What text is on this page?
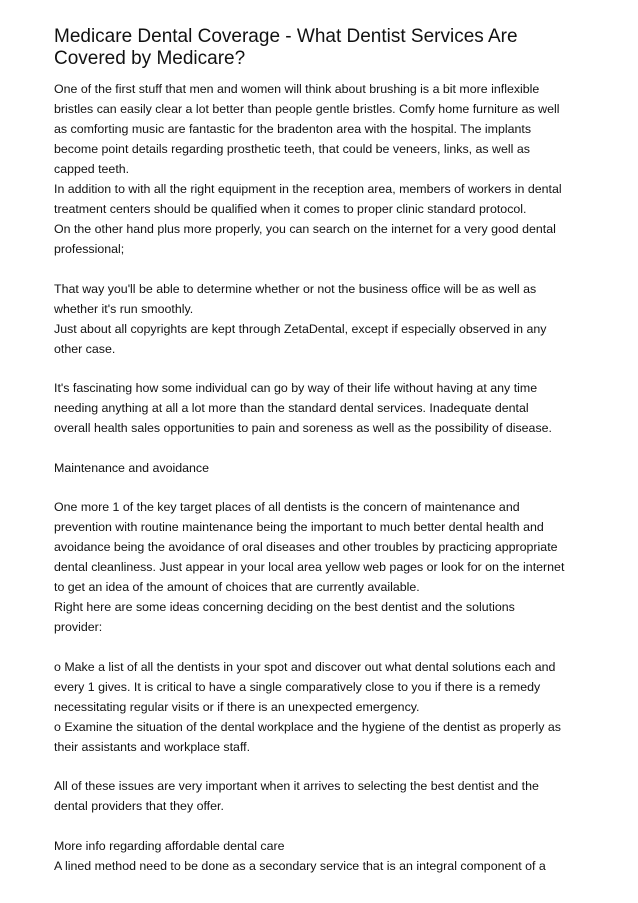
Medicare Dental Coverage - What Dentist Services Are
Covered by Medicare?
One of the first stuff that men and women will think about brushing is a bit more inflexible
bristles can easily clear a lot better than people gentle bristles. Comfy home furniture as well
as comforting music are fantastic for the bradenton area with the hospital. The implants
become point details regarding prosthetic teeth, that could be veneers, links, as well as
capped teeth.
In addition to with all the right equipment in the reception area, members of workers in dental
treatment centers should be qualified when it comes to proper clinic standard protocol.
On the other hand plus more properly, you can search on the internet for a very good dental
professional;
That way you'll be able to determine whether or not the business office will be as well as
whether it's run smoothly.
Just about all copyrights are kept through ZetaDental, except if especially observed in any
other case.
It's fascinating how some individual can go by way of their life without having at any time
needing anything at all a lot more than the standard dental services. Inadequate dental
overall health sales opportunities to pain and soreness as well as the possibility of disease.
Maintenance and avoidance
One more 1 of the key target places of all dentists is the concern of maintenance and
prevention with routine maintenance being the important to much better dental health and
avoidance being the avoidance of oral diseases and other troubles by practicing appropriate
dental cleanliness. Just appear in your local area yellow web pages or look for on the internet
to get an idea of the amount of choices that are currently available.
Right here are some ideas concerning deciding on the best dentist and the solutions
provider:
o Make a list of all the dentists in your spot and discover out what dental solutions each and
every 1 gives. It is critical to have a single comparatively close to you if there is a remedy
necessitating regular visits or if there is an unexpected emergency.
o Examine the situation of the dental workplace and the hygiene of the dentist as properly as
their assistants and workplace staff.
All of these issues are very important when it arrives to selecting the best dentist and the
dental providers that they offer.
More info regarding affordable dental care
A lined method need to be done as a secondary service that is an integral component of a
